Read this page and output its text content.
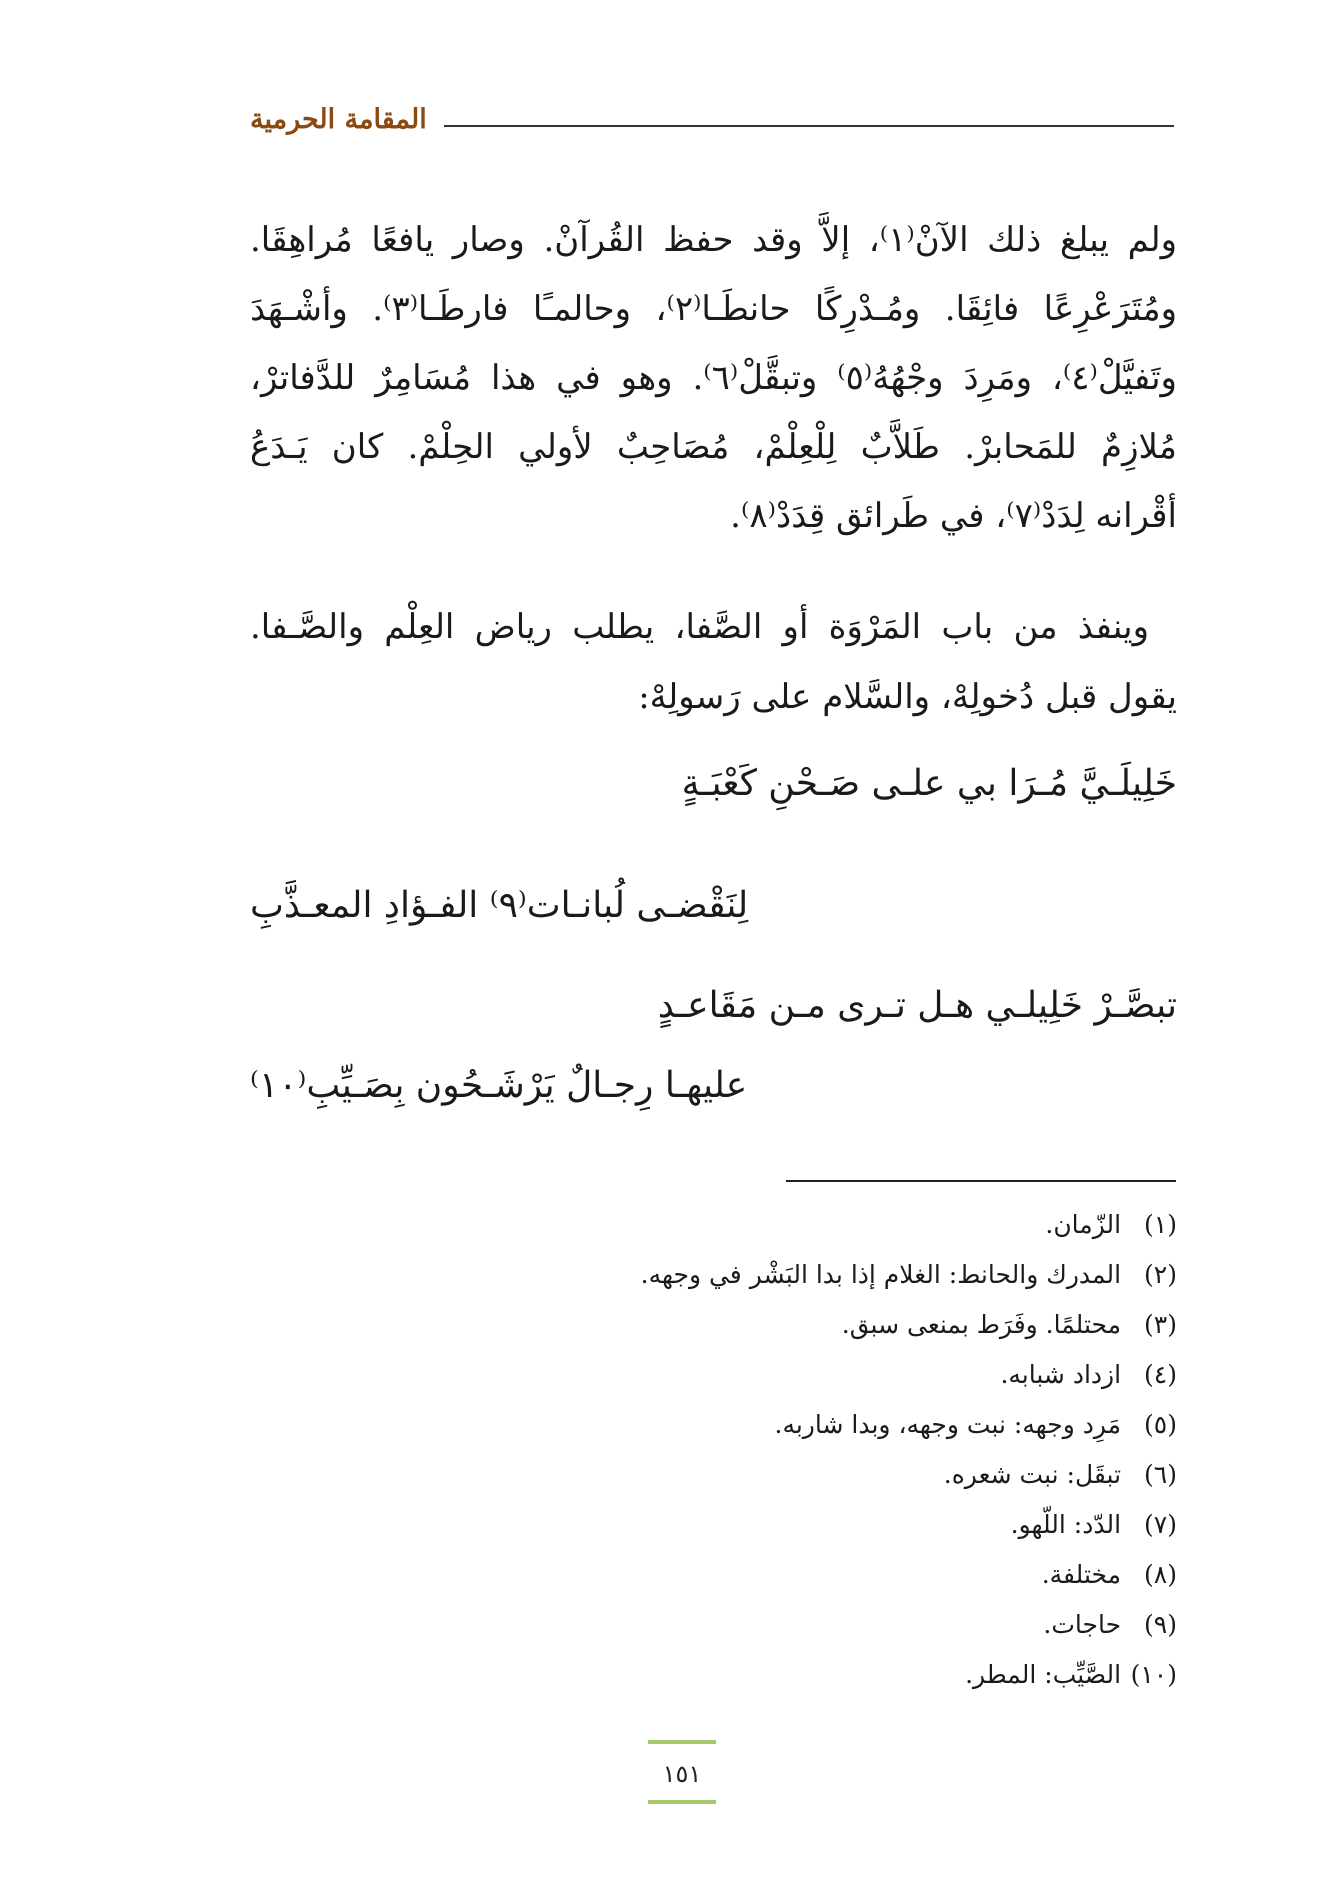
المقامة الحرمية
ولم يبلغ ذلك الآنْ⁽١⁾، إلاَّ وقد حفظ القُرآنْ. وصار يافعًا مُراهِقَا.
ومُتَرَعْرِعًا فائِقَا. ومُـدْرِكًا حانطَـا⁽٢⁾، وحالمـًا فارطَـا⁽٣⁾. وأشْـهَدَ
وتَفيَّلْ⁽٤⁾، ومَرِدَ وجْهُهُ⁽٥⁾ وتبقَّلْ⁽٦⁾. وهو في هذا مُسَامِرٌ للدَّفاترْ،
مُلازِمٌ للمَحابرْ. طَلاَّبٌ لِلْعِلْمْ، مُصَاحِبٌ لأولي الحِلْمْ. كان يَـدَعُ
أقْرانه لِدَدْ⁽٧⁾، في طَرائق قِدَدْ⁽٨⁾.
وينفذ من باب المَرْوَة أو الصَّفا، يطلب رياض العِلْم والصَّـفا.
يقول قبل دُخولِهْ، والسَّلام على رَسولِهْ:
خَلِيلَـيَّ مُـرَا بي علـى صَـحْنِ كَعْبَـةٍ
لِنَقْضـى لُبانـات⁽٩⁾ الفـؤادِ المعـذَّبِ
تبصَّـرْ خَلِيلـي هـل تـرى مـن مَقَاعـدٍ
عليهـا رِجـالٌ يَرْشَـحُون بِصَـيِّبِ⁽١٠⁾
(١) الزّمان.
(٢) المدرك والحانط: الغلام إذا بدا البَشْر في وجهه.
(٣) محتلمًا. وفَرَط بمنعى سبق.
(٤) ازداد شبابه.
(٥) مَرِد وجهه: نبت وجهه، وبدا شاربه.
(٦) تبقَل: نبت شعره.
(٧) الدّد: اللّهو.
(٨) مختلفة.
(٩) حاجات.
(١٠) الصَّيِّب: المطر.
١٥١
